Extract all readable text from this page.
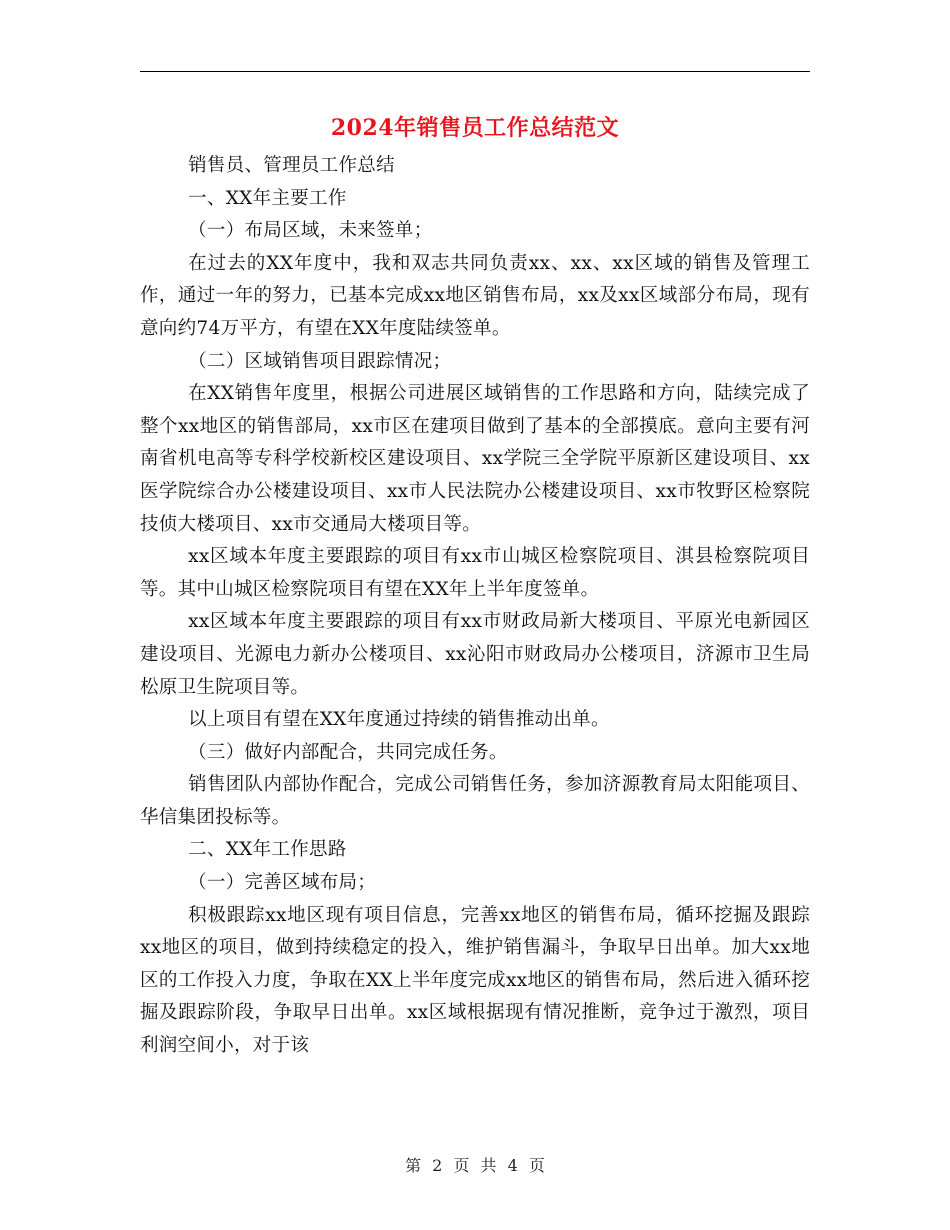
2024年销售员工作总结范文

销售员、管理员工作总结

一、XX年主要工作

（一）布局区域，未来签单；

在过去的XX年度中，我和双志共同负责xx、xx、xx区域的销售及管理工作，通过一年的努力，已基本完成xx地区销售布局，xx及xx区域部分布局，现有意向约74万平方，有望在XX年度陆续签单。

（二）区域销售项目跟踪情况；

在XX销售年度里，根据公司进展区域销售的工作思路和方向，陆续完成了整个xx地区的销售部局，xx市区在建项目做到了基本的全部摸底。意向主要有河南省机电高等专科学校新校区建设项目、xx学院三全学院平原新区建设项目、xx医学院综合办公楼建设项目、xx市人民法院办公楼建设项目、xx市牧野区检察院技侦大楼项目、xx市交通局大楼项目等。

xx区域本年度主要跟踪的项目有xx市山城区检察院项目、淇县检察院项目等。其中山城区检察院项目有望在XX年上半年度签单。

xx区域本年度主要跟踪的项目有xx市财政局新大楼项目、平原光电新园区建设项目、光源电力新办公楼项目、xx沁阳市财政局办公楼项目，济源市卫生局松原卫生院项目等。

以上项目有望在XX年度通过持续的销售推动出单。

（三）做好内部配合，共同完成任务。

销售团队内部协作配合，完成公司销售任务，参加济源教育局太阳能项目、华信集团投标等。

二、XX年工作思路

（一）完善区域布局；

积极跟踪xx地区现有项目信息，完善xx地区的销售布局，循环挖掘及跟踪xx地区的项目，做到持续稳定的投入，维护销售漏斗，争取早日出单。加大xx地区的工作投入力度，争取在XX上半年度完成xx地区的销售布局，然后进入循环挖掘及跟踪阶段，争取早日出单。xx区域根据现有情况推断，竞争过于激烈，项目利润空间小，对于该

第 2 页 共 4 页
